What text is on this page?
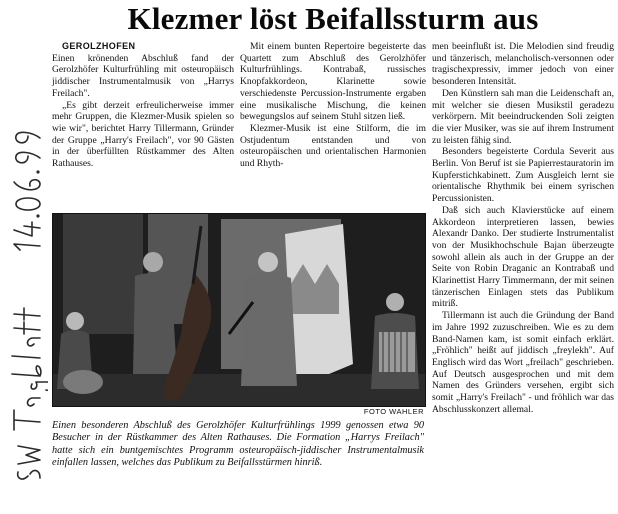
Klezmer löst Beifallssturm aus

GEROLZHOFEN

Einen krönenden Abschluß fand der Gerolzhöfer Kulturfrühling mit osteuropäisch jiddischer Instrumentalmusik von „Harrys Freilach".

„Es gibt derzeit erfreulicherweise immer mehr Gruppen, die Klezmer-Musik spielen so wie wir", berichtet Harry Tillermann, Gründer der Gruppe „Harry's Freilach", vor 90 Gästen in der überfüllten Rüstkammer des Alten Rathauses.

Mit einem bunten Repertoire begeisterte das Quartett zum Abschluß des Gerolzhöfer Kulturfrühlings. Kontrabaß, russisches Knopfakkordeon, Klarinette sowie verschiedenste Percussion-Instrumente ergaben eine musikalische Mischung, die keinen bewegungslos auf seinem Stuhl sitzen ließ.

Klezmer-Musik ist eine Stilform, die im Ostjudentum entstanden und von osteuropäischen und orientalischen Harmonien und Rhyth-

men beeinflußt ist. Die Melodien sind freudig und tänzerisch, melancholisch-versonnen oder tragischexpressiv, immer jedoch von einer besonderen Intensität.

Den Künstlern sah man die Leidenschaft an, mit welcher sie diesen Musikstil geradezu verkörpern. Mit beeindruckenden Soli zeigten die vier Musiker, was sie auf ihrem Instrument zu leisten fähig sind.

Besonders begeisterte Cordula Severit aus Berlin. Von Beruf ist sie Papierrestauratorin im Kupferstichkabinett. Zum Ausgleich lernt sie orientalische Rhythmik bei einem syrischen Percussionisten.

Daß sich auch Klavierstücke auf einem Akkordeon interpretieren lassen, bewies Alexandr Danko. Der studierte Instrumentalist von der Musikhochschule Bajan überzeugte sowohl allein als auch in der Gruppe an der Seite von Robin Draganic an Kontrabaß und Klarinettist Harry Timmermann, der mit seinen tänzerischen Einlagen stets das Publikum mitriß.

Tillermann ist auch die Gründung der Band im Jahre 1992 zuzuschreiben. Wie es zu dem Band-Namen kam, ist somit einfach erklärt. „Fröhlich" heißt auf jiddisch „freylekh". Auf Englisch wird das Wort „freilach" geschrieben. Auf Deutsch ausgesprochen und mit dem Namen des Gründers versehen, ergibt sich somit „Harry's Freilach" - und fröhlich war das Abschlusskonzert allemal.

FOTO WAHLER
Einen besonderen Abschluß des Gerolzhöfer Kulturfrühlings 1999 genossen etwa 90 Besucher in der Rüstkammer des Alten Rathauses. Die Formation „Harrys Freilach" hatte sich ein buntgemischtes Programm osteuropäisch-jiddischer Instrumentalmusik einfallen lassen, welches das Publikum zu Beifallsstürmen hinriß.
